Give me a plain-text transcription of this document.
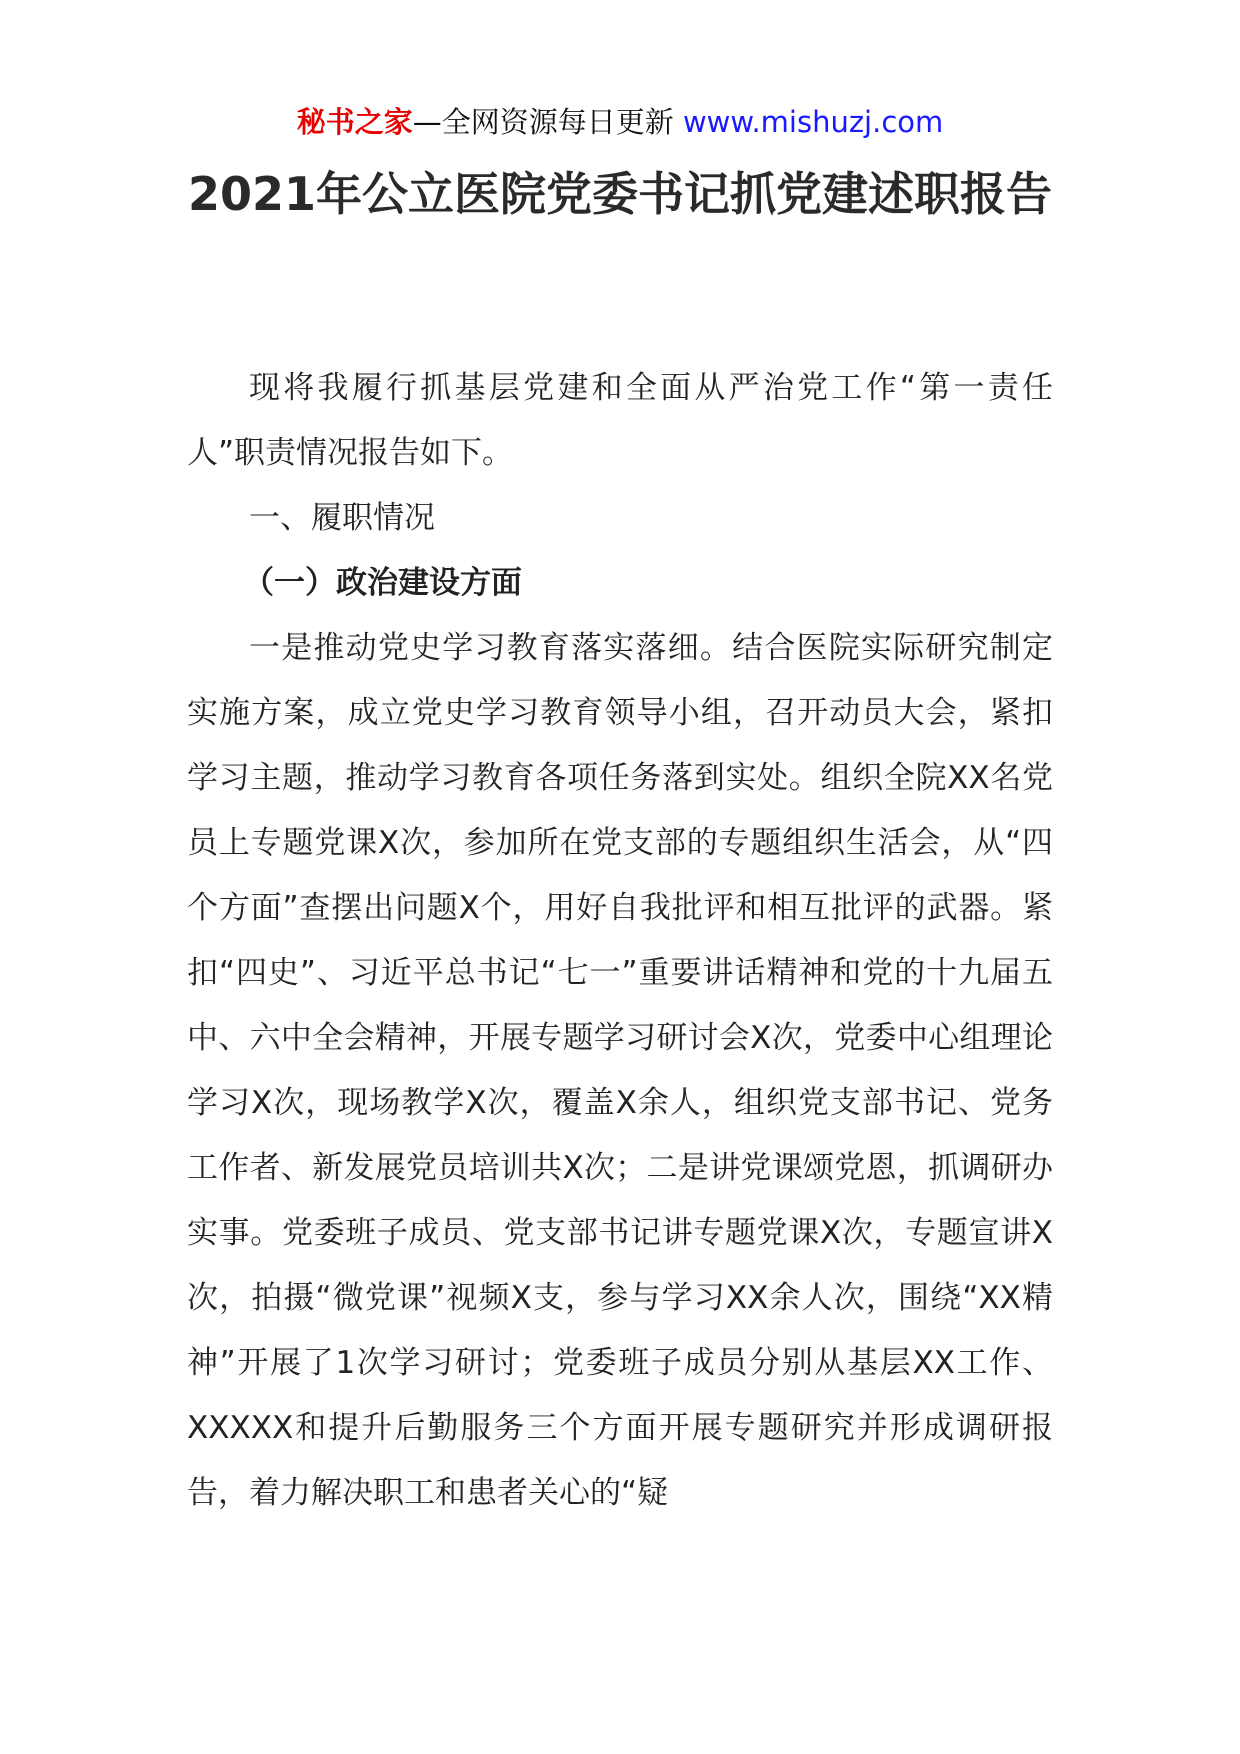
秘书之家—全网资源每日更新 www.mishuzj.com
2021年公立医院党委书记抓党建述职报告

现将我履行抓基层党建和全面从严治党工作“第一责任人”职责情况报告如下。

一、履职情况

（一）政治建设方面

一是推动党史学习教育落实落细。结合医院实际研究制定实施方案，成立党史学习教育领导小组，召开动员大会，紧扣学习主题，推动学习教育各项任务落到实处。组织全院XX名党员上专题党课X次，参加所在党支部的专题组织生活会，从“四个方面”查摆出问题X个，用好自我批评和相互批评的武器。紧扣“四史”、习近平总书记“七一”重要讲话精神和党的十九届五中、六中全会精神，开展专题学习研讨会X次，党委中心组理论学习X次，现场教学X次，覆盖X余人，组织党支部书记、党务工作者、新发展党员培训共X次；二是讲党课颂党恩，抓调研办实事。党委班子成员、党支部书记讲专题党课X次，专题宣讲X次，拍摄“微党课”视频X支，参与学习XX余人次，围绕“XX精神”开展了1次学习研讨；党委班子成员分别从基层XX工作、XXXXX和提升后勤服务三个方面开展专题研究并形成调研报告，着力解决职工和患者关心的“疑
